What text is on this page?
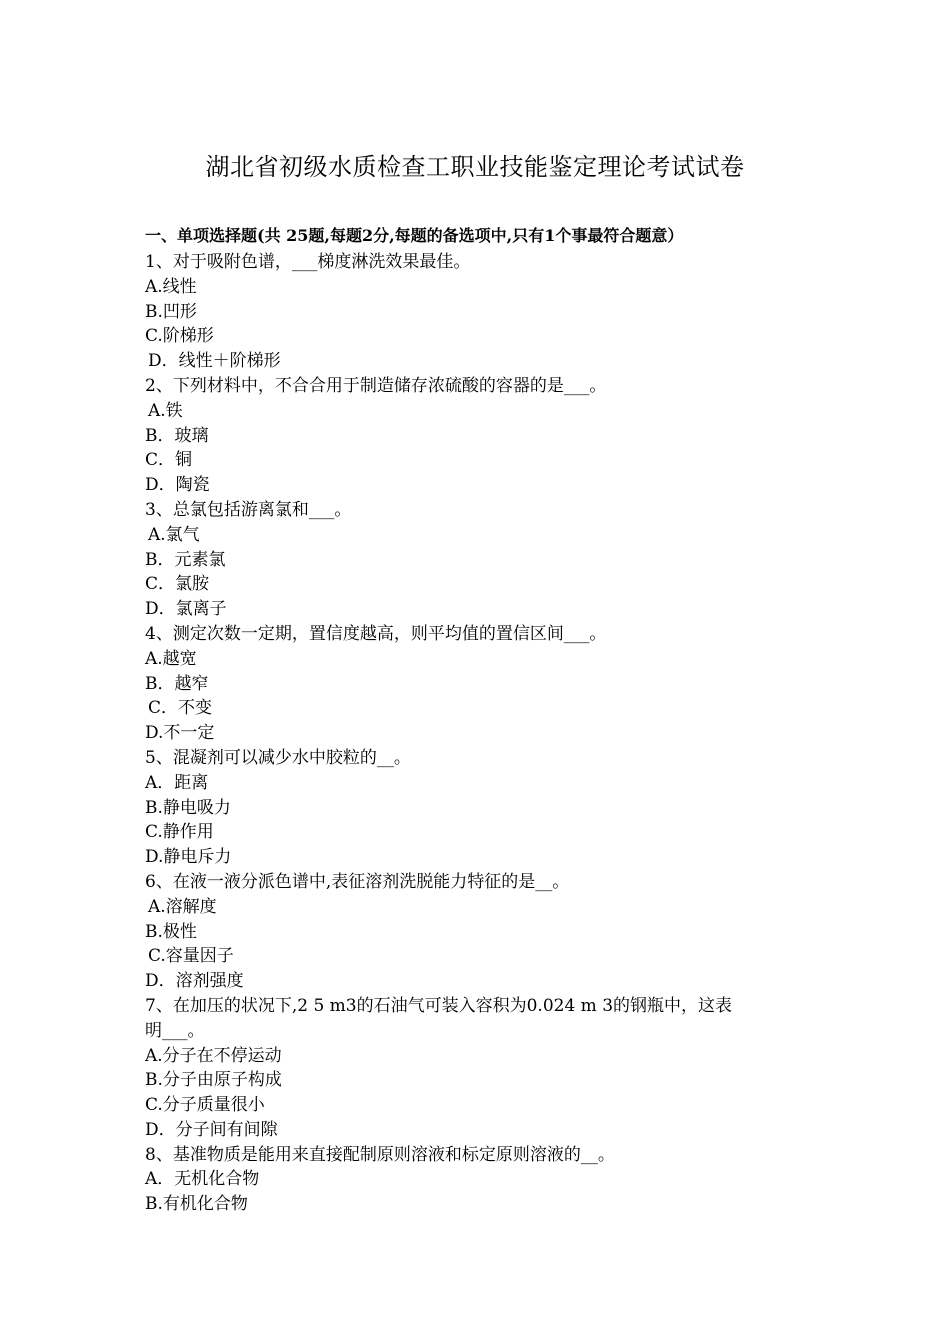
湖北省初级水质检查工职业技能鉴定理论考试试卷
一、单项选择题(共 25题,每题2分,每题的备选项中,只有1个事最符合题意）
1、对于吸附色谱，___梯度淋洗效果最佳。
A.线性
B.凹形
C.阶梯形
D．线性＋阶梯形
2、下列材料中，不合合用于制造储存浓硫酸的容器的是___。
A.铁
B．玻璃
C．铜
D．陶瓷
3、总氯包括游离氯和___。
A.氯气
B．元素氯
C．氯胺
D．氯离子
4、测定次数一定期，置信度越高，则平均值的置信区间___。
A.越宽
B．越窄
C．不变
D.不一定
5、混凝剂可以减少水中胶粒的__。
A．距离
B.静电吸力
C.静作用
D.静电斥力
6、在液一液分派色谱中,表征溶剂洗脱能力特征的是__。
A.溶解度
B.极性
C.容量因子
D．溶剂强度
7、在加压的状况下,2 5 m3的石油气可装入容积为0.024 m 3的钢瓶中，这表
明___。
A.分子在不停运动
B.分子由原子构成
C.分子质量很小
D．分子间有间隙
8、基准物质是能用来直接配制原则溶液和标定原则溶液的__。
A．无机化合物
B.有机化合物
